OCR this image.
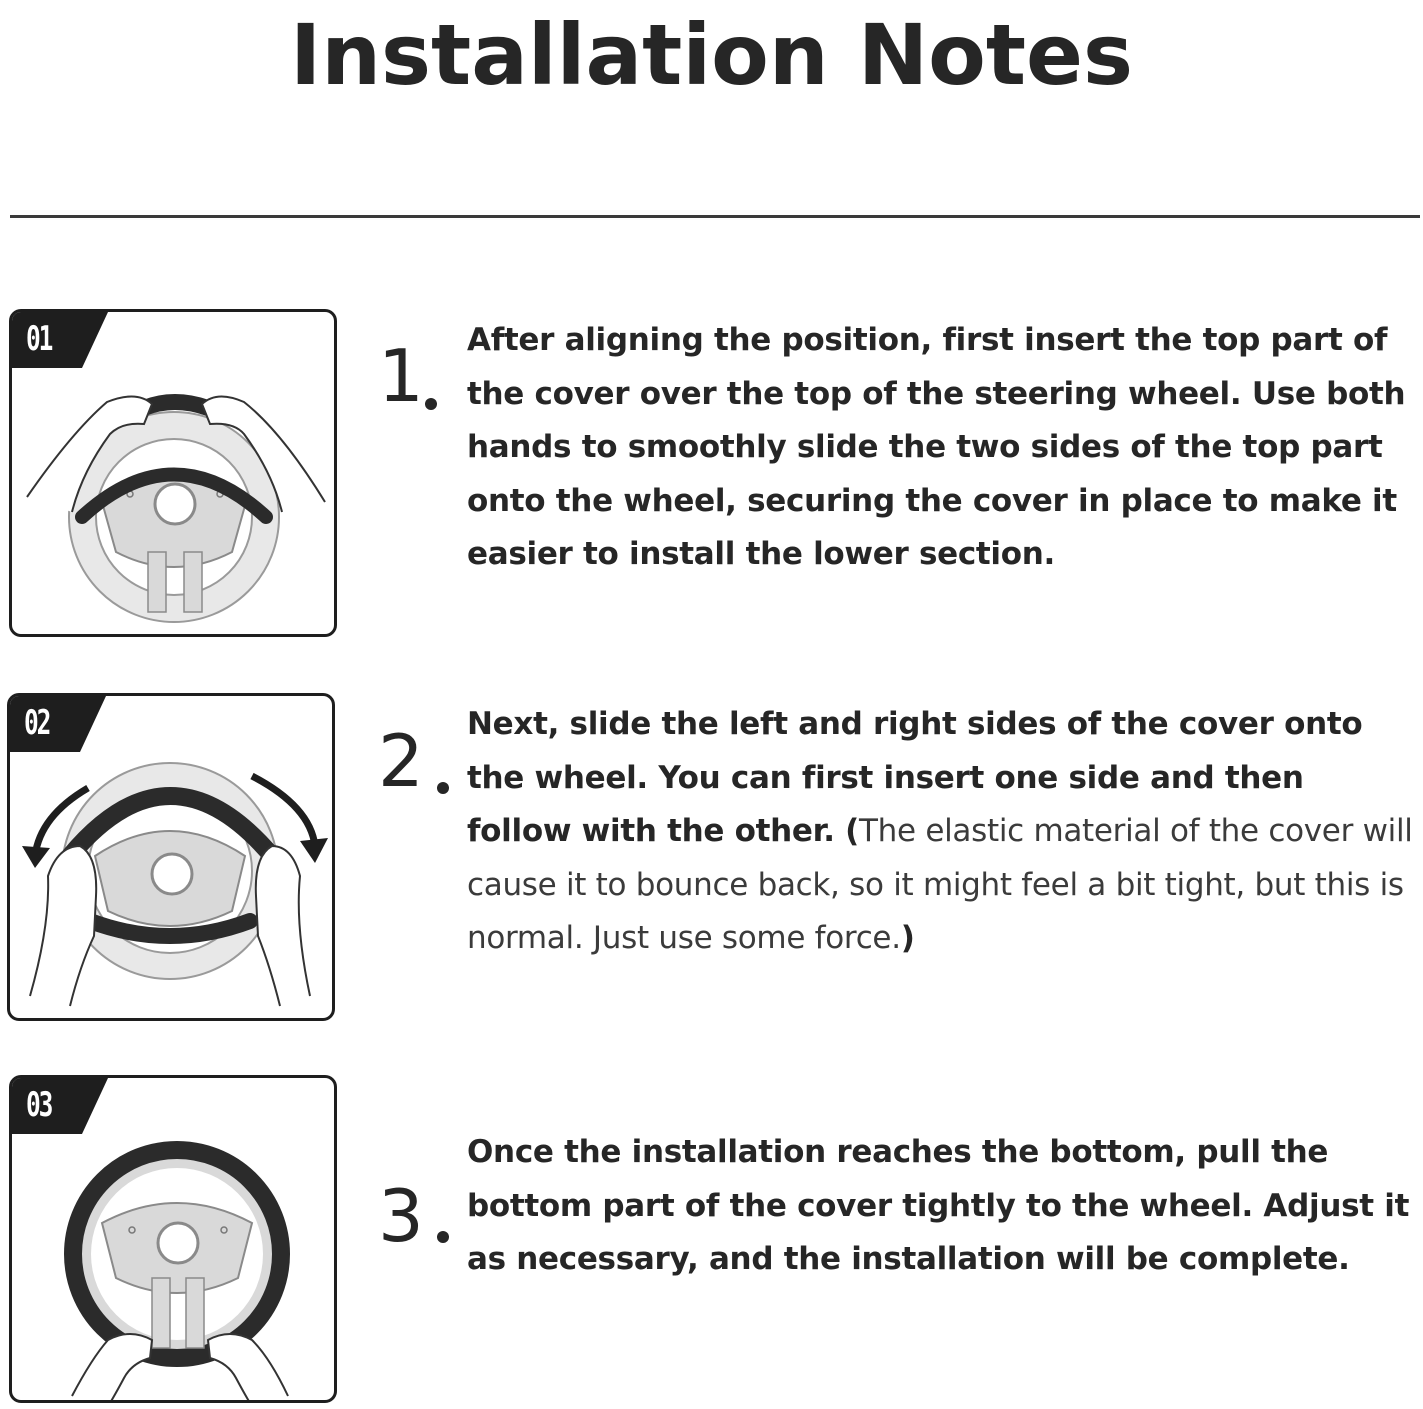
Installation Notes
01	1 After aligning the position, first insert the top part of the cover over the top of the steering wheel. Use both hands to smoothly slide the two sides of the top part onto the wheel, securing the cover in place to make it easier to install the lower section.
02	2 Next, slide the left and right sides of the cover onto the wheel. You can first insert one side and then follow with the other. (The elastic material of the cover will cause it to bounce back, so it might feel a bit tight, but this is normal. Just use some force.)
03
3
Once the installation reaches the bottom, pull the bottom part of the cover tightly to the wheel. Adjust it as necessary, and the installation will be complete.
